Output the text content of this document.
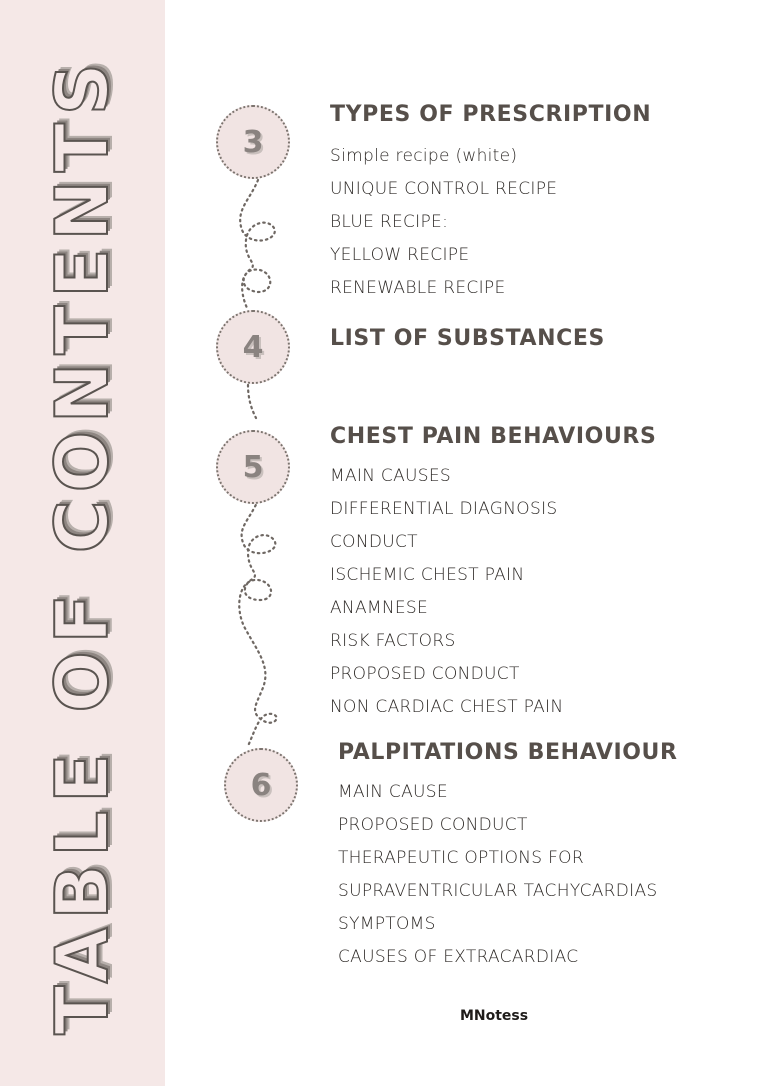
TABLE OF CONTENTS	3
4
5
6
TYPES OF PRESCRIPTION
Simple recipe (white)
UNIQUE CONTROL RECIPE
BLUE RECIPE:
YELLOW RECIPE
RENEWABLE RECIPE
LIST OF SUBSTANCES
CHEST PAIN BEHAVIOURS
MAIN CAUSES
DIFFERENTIAL DIAGNOSIS
CONDUCT
ISCHEMIC CHEST PAIN
ANAMNESE
RISK FACTORS
PROPOSED CONDUCT
NON CARDIAC CHEST PAIN
PALPITATIONS BEHAVIOUR
MAIN CAUSE
PROPOSED CONDUCT
THERAPEUTIC OPTIONS FOR
SUPRAVENTRICULAR TACHYCARDIAS
SYMPTOMS
CAUSES OF EXTRACARDIAC
MNotess
